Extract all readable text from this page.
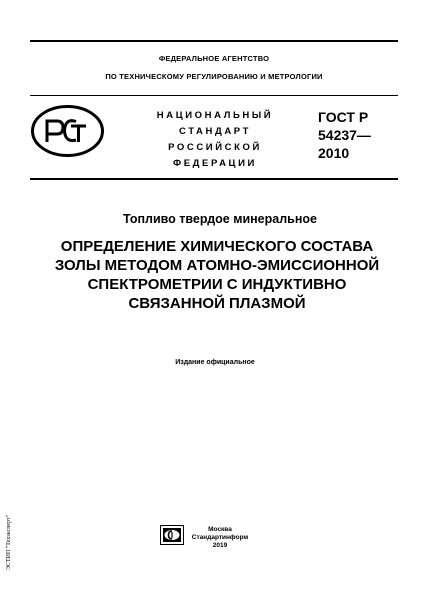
ФЕДЕРАЛЬНОЕ АГЕНТСТВО
ПО ТЕХНИЧЕСКОМУ РЕГУЛИРОВАНИЮ И МЕТРОЛОГИИ
НАЦИОНАЛЬНЫЙ
СТАНДАРТ
РОССИЙСКОЙ
ФЕДЕРАЦИИ
ГОСТ Р
54237—
2010
Топливо твердое минеральное
ОПРЕДЕЛЕНИЕ ХИМИЧЕСКОГО СОСТАВА
ЗОЛЫ МЕТОДОМ АТОМНО-ЭМИССИОННОЙ
СПЕКТРОМЕТРИИ С ИНДУКТИВНО
СВЯЗАННОЙ ПЛАЗМОЙ
Издание официальное
Москва
Стандартинформ
2019
ЭСТИП "Техэксперт"
